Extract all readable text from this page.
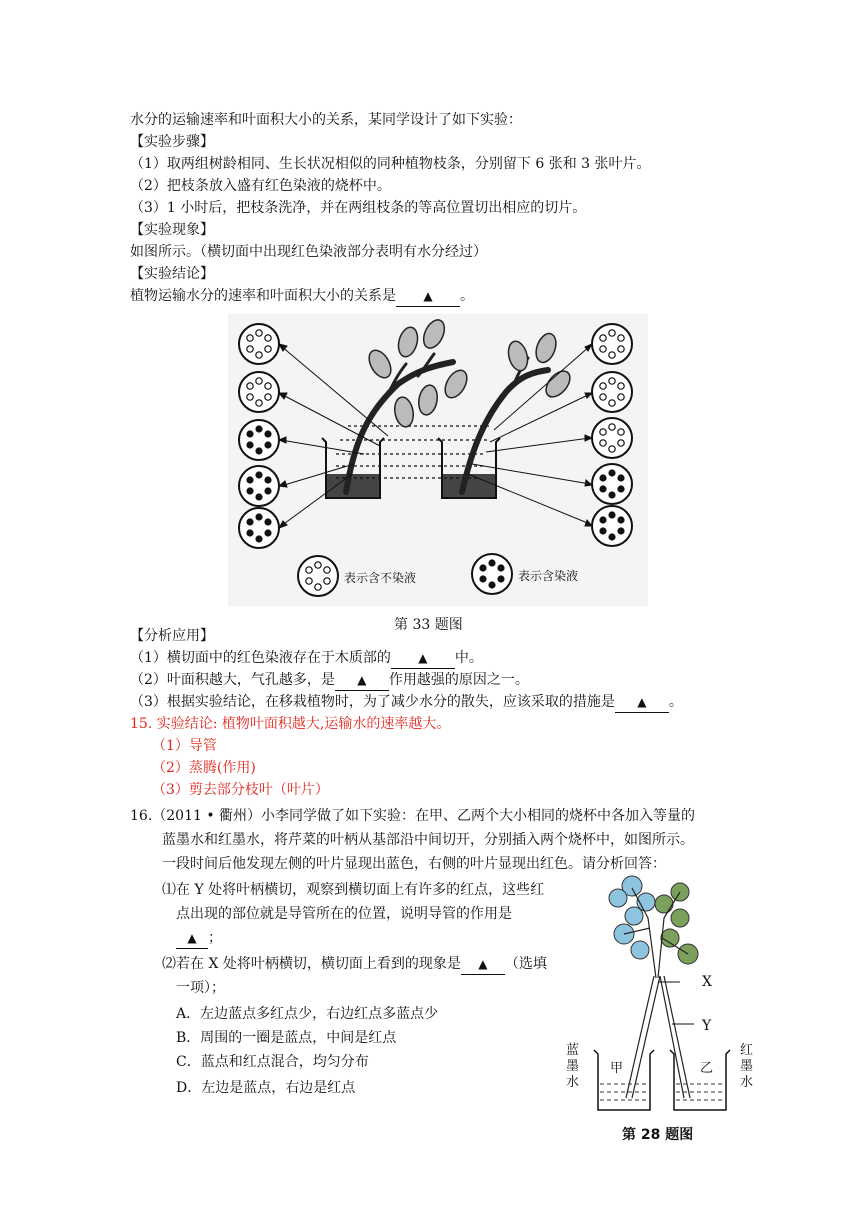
水分的运输速率和叶面积大小的关系，某同学设计了如下实验：
【实验步骤】
（1）取两组树龄相同、生长状况相似的同种植物枝条，分别留下 6 张和 3 张叶片。
（2）把枝条放入盛有红色染液的烧杯中。
（3）1 小时后，把枝条洗净，并在两组枝条的等高位置切出相应的切片。
【实验现象】
如图所示。（横切面中出现红色染液部分表明有水分经过）
【实验结论】
植物运输水分的速率和叶面积大小的关系是 ▲ 。
表示含不染液	表示含染液
第 33 题图
【分析应用】
（1）横切面中的红色染液存在于木质部的 ▲ 中。
（2）叶面积越大，气孔越多，是 ▲ 作用越强的原因之一。
（3）根据实验结论，在移栽植物时，为了减少水分的散失，应该采取的措施是 ▲ 。
15. 实验结论: 植物叶面积越大,运输水的速率越大。
（1）导管
（2）蒸腾(作用)
（3）剪去部分枝叶（叶片）
16.（2011 • 衢州）小李同学做了如下实验：在甲、乙两个大小相同的烧杯中各加入等量的
蓝墨水和红墨水，将芹菜的叶柄从基部沿中间切开，分别插入两个烧杯中，如图所示。
一段时间后他发现左侧的叶片显现出蓝色，右侧的叶片显现出红色。请分析回答：
⑴在 Y 处将叶柄横切，观察到横切面上有许多的红点，这些红
点出现的部位就是导管所在的位置，说明导管的作用是
▲ ；
⑵若在 X 处将叶柄横切，横切面上看到的现象是 ▲ （选填
一项）；
A．左边蓝点多红点少，右边红点多蓝点少
B．周围的一圈是蓝点，中间是红点
C．蓝点和红点混合，均匀分布
D．左边是蓝点，右边是红点
X
Y
甲	乙
蓝
墨
水
红
墨
水
第 28 题图
